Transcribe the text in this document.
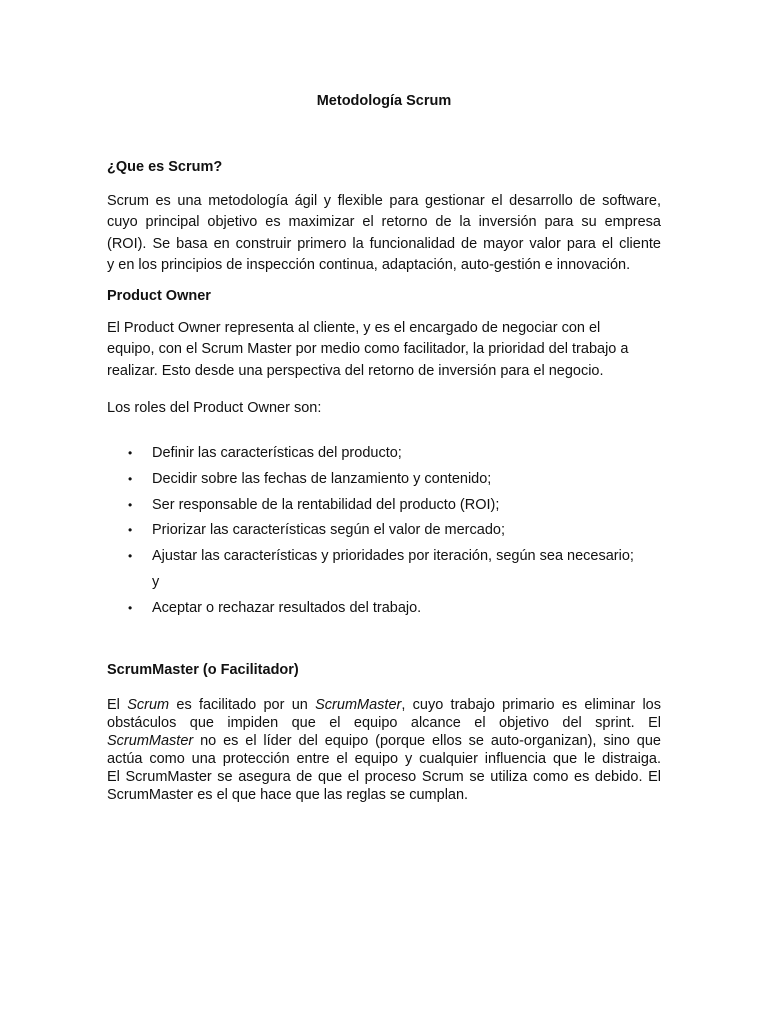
Metodología Scrum
¿Que es Scrum?
Scrum es una metodología ágil y flexible para gestionar el desarrollo de software,
cuyo principal objetivo es maximizar el retorno de la inversión para su empresa
(ROI). Se basa en construir primero la funcionalidad de mayor valor para el cliente
y en los principios de inspección continua, adaptación, auto-gestión e innovación.
Product Owner
El Product Owner representa al cliente, y es el encargado de negociar con el
equipo, con el Scrum Master por medio como facilitador, la prioridad del trabajo a
realizar. Esto desde una perspectiva del retorno de inversión para el negocio.
Los roles del Product Owner son:
• Definir las características del producto;
• Decidir sobre las fechas de lanzamiento y contenido;
• Ser responsable de la rentabilidad del producto (ROI);
• Priorizar las características según el valor de mercado;
• Ajustar las características y prioridades por iteración, según sea necesario;
y
• Aceptar o rechazar resultados del trabajo.
ScrumMaster (o Facilitador)
El Scrum es facilitado por un ScrumMaster, cuyo trabajo primario es eliminar los
obstáculos que impiden que el equipo alcance el objetivo del sprint. El
ScrumMaster no es el líder del equipo (porque ellos se auto-organizan), sino que
actúa como una protección entre el equipo y cualquier influencia que le distraiga.
El ScrumMaster se asegura de que el proceso Scrum se utiliza como es debido. El
ScrumMaster es el que hace que las reglas se cumplan.
